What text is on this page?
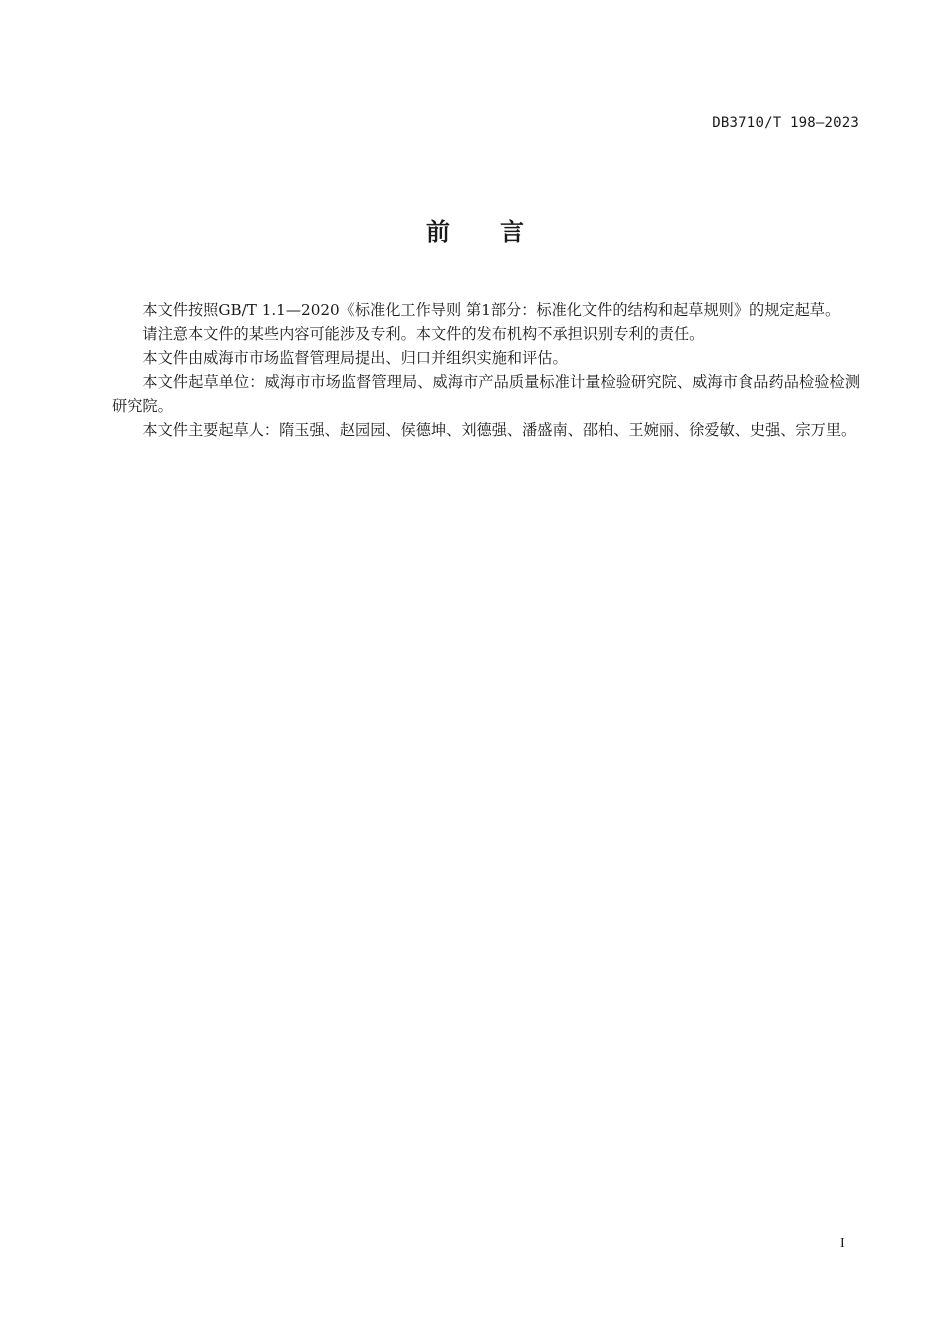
DB3710/T 198—2023
前言

本文件按照GB/T 1.1—2020《标准化工作导则 第1部分：标准化文件的结构和起草规则》的规定起草。

请注意本文件的某些内容可能涉及专利。本文件的发布机构不承担识别专利的责任。

本文件由威海市市场监督管理局提出、归口并组织实施和评估。

本文件起草单位：威海市市场监督管理局、威海市产品质量标准计量检验研究院、威海市食品药品检验检测研究院。

本文件主要起草人：隋玉强、赵园园、侯德坤、刘德强、潘盛南、邵柏、王婉丽、徐爱敏、史强、宗万里。

I
